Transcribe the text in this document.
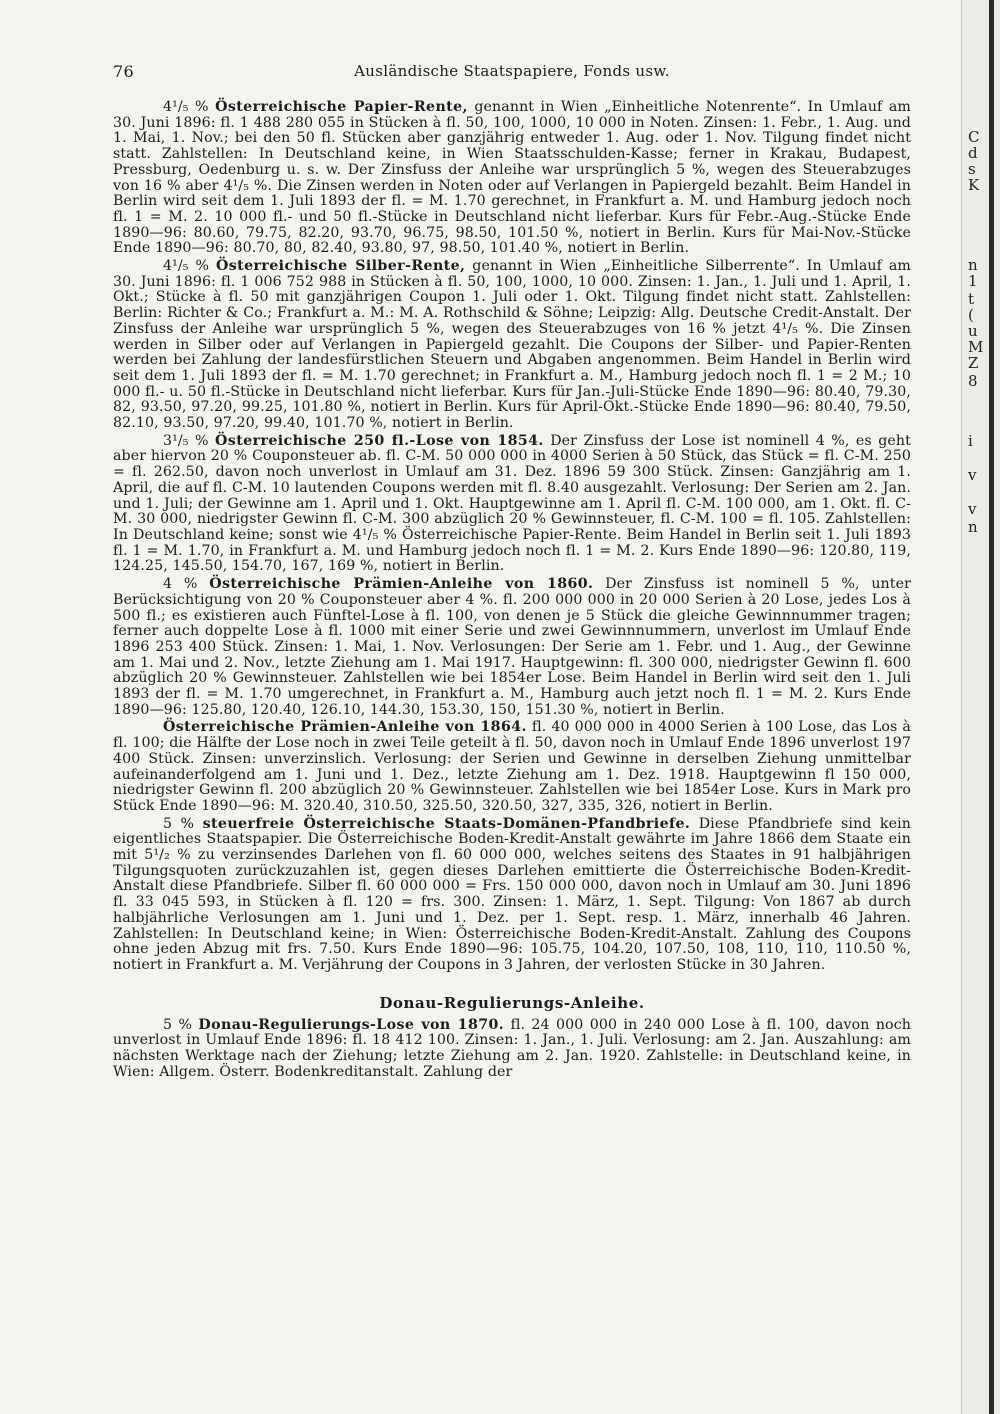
76	Ausländische Staatspapiere, Fonds usw.

4¹/₅ % Österreichische Papier-Rente, genannt in Wien „Einheitliche Notenrente“. In Umlauf am 30. Juni 1896: fl. 1 488 280 055 in Stücken à fl. 50, 100, 1000, 10 000 in Noten. Zinsen: 1. Febr., 1. Aug. und 1. Mai, 1. Nov.; bei den 50 fl. Stücken aber ganzjährig entweder 1. Aug. oder 1. Nov. Tilgung findet nicht statt. Zahlstellen: In Deutschland keine, in Wien Staatsschulden-Kasse; ferner in Krakau, Budapest, Pressburg, Oedenburg u. s. w. Der Zinsfuss der Anleihe war ursprünglich 5 %, wegen des Steuerabzuges von 16 % aber 4¹/₅ %. Die Zinsen werden in Noten oder auf Verlangen in Papiergeld bezahlt. Beim Handel in Berlin wird seit dem 1. Juli 1893 der fl. = M. 1.70 gerechnet, in Frankfurt a. M. und Hamburg jedoch noch fl. 1 = M. 2. 10 000 fl.- und 50 fl.-Stücke in Deutschland nicht lieferbar. Kurs für Febr.-Aug.-Stücke Ende 1890—96: 80.60, 79.75, 82.20, 93.70, 96.75, 98.50, 101.50 %, notiert in Berlin. Kurs für Mai-Nov.-Stücke Ende 1890—96: 80.70, 80, 82.40, 93.80, 97, 98.50, 101.40 %, notiert in Berlin.

4¹/₅ % Österreichische Silber-Rente, genannt in Wien „Einheitliche Silberrente“. In Umlauf am 30. Juni 1896: fl. 1 006 752 988 in Stücken à fl. 50, 100, 1000, 10 000. Zinsen: 1. Jan., 1. Juli und 1. April, 1. Okt.; Stücke à fl. 50 mit ganzjährigen Coupon 1. Juli oder 1. Okt. Tilgung findet nicht statt. Zahlstellen: Berlin: Richter & Co.; Frankfurt a. M.: M. A. Rothschild & Söhne; Leipzig: Allg. Deutsche Credit-Anstalt. Der Zinsfuss der Anleihe war ursprünglich 5 %, wegen des Steuerabzuges von 16 % jetzt 4¹/₅ %. Die Zinsen werden in Silber oder auf Verlangen in Papiergeld gezahlt. Die Coupons der Silber- und Papier-Renten werden bei Zahlung der landesfürstlichen Steuern und Abgaben angenommen. Beim Handel in Berlin wird seit dem 1. Juli 1893 der fl. = M. 1.70 gerechnet; in Frankfurt a. M., Hamburg jedoch noch fl. 1 = 2 M.; 10 000 fl.- u. 50 fl.-Stücke in Deutschland nicht lieferbar. Kurs für Jan.-Juli-Stücke Ende 1890—96: 80.40, 79.30, 82, 93.50, 97.20, 99.25, 101.80 %, notiert in Berlin. Kurs für April-Okt.-Stücke Ende 1890—96: 80.40, 79.50, 82.10, 93.50, 97.20, 99.40, 101.70 %, notiert in Berlin.

3¹/₅ % Österreichische 250 fl.-Lose von 1854. Der Zinsfuss der Lose ist nominell 4 %, es geht aber hiervon 20 % Couponsteuer ab. fl. C-M. 50 000 000 in 4000 Serien à 50 Stück, das Stück = fl. C-M. 250 = fl. 262.50, davon noch unverlost in Umlauf am 31. Dez. 1896 59 300 Stück. Zinsen: Ganzjährig am 1. April, die auf fl. C-M. 10 lautenden Coupons werden mit fl. 8.40 ausgezahlt. Verlosung: Der Serien am 2. Jan. und 1. Juli; der Gewinne am 1. April und 1. Okt. Hauptgewinne am 1. April fl. C-M. 100 000, am 1. Okt. fl. C-M. 30 000, niedrigster Gewinn fl. C-M. 300 abzüglich 20 % Gewinnsteuer, fl. C-M. 100 = fl. 105. Zahlstellen: In Deutschland keine; sonst wie 4¹/₅ % Österreichische Papier-Rente. Beim Handel in Berlin seit 1. Juli 1893 fl. 1 = M. 1.70, in Frankfurt a. M. und Hamburg jedoch noch fl. 1 = M. 2. Kurs Ende 1890—96: 120.80, 119, 124.25, 145.50, 154.70, 167, 169 %, notiert in Berlin.

4 % Österreichische Prämien-Anleihe von 1860. Der Zinsfuss ist nominell 5 %, unter Berücksichtigung von 20 % Couponsteuer aber 4 %. fl. 200 000 000 in 20 000 Serien à 20 Lose, jedes Los à 500 fl.; es existieren auch Fünftel-Lose à fl. 100, von denen je 5 Stück die gleiche Gewinnnummer tragen; ferner auch doppelte Lose à fl. 1000 mit einer Serie und zwei Gewinnnummern, unverlost im Umlauf Ende 1896 253 400 Stück. Zinsen: 1. Mai, 1. Nov. Verlosungen: Der Serie am 1. Febr. und 1. Aug., der Gewinne am 1. Mai und 2. Nov., letzte Ziehung am 1. Mai 1917. Hauptgewinn: fl. 300 000, niedrigster Gewinn fl. 600 abzüglich 20 % Gewinnsteuer. Zahlstellen wie bei 1854er Lose. Beim Handel in Berlin wird seit den 1. Juli 1893 der fl. = M. 1.70 umgerechnet, in Frankfurt a. M., Hamburg auch jetzt noch fl. 1 = M. 2. Kurs Ende 1890—96: 125.80, 120.40, 126.10, 144.30, 153.30, 150, 151.30 %, notiert in Berlin.

Österreichische Prämien-Anleihe von 1864. fl. 40 000 000 in 4000 Serien à 100 Lose, das Los à fl. 100; die Hälfte der Lose noch in zwei Teile geteilt à fl. 50, davon noch in Umlauf Ende 1896 unverlost 197 400 Stück. Zinsen: unverzinslich. Verlosung: der Serien und Gewinne in derselben Ziehung unmittelbar aufeinanderfolgend am 1. Juni und 1. Dez., letzte Ziehung am 1. Dez. 1918. Hauptgewinn fl 150 000, niedrigster Gewinn fl. 200 abzüglich 20 % Gewinnsteuer. Zahlstellen wie bei 1854er Lose. Kurs in Mark pro Stück Ende 1890—96: M. 320.40, 310.50, 325.50, 320.50, 327, 335, 326, notiert in Berlin.

5 % steuerfreie Österreichische Staats-Domänen-Pfandbriefe. Diese Pfandbriefe sind kein eigentliches Staatspapier. Die Österreichische Boden-Kredit-Anstalt gewährte im Jahre 1866 dem Staate ein mit 5¹/₂ % zu verzinsendes Darlehen von fl. 60 000 000, welches seitens des Staates in 91 halbjährigen Tilgungsquoten zurückzuzahlen ist, gegen dieses Darlehen emittierte die Österreichische Boden-Kredit-Anstalt diese Pfandbriefe. Silber fl. 60 000 000 = Frs. 150 000 000, davon noch in Umlauf am 30. Juni 1896 fl. 33 045 593, in Stücken à fl. 120 = frs. 300. Zinsen: 1. März, 1. Sept. Tilgung: Von 1867 ab durch halbjährliche Verlosungen am 1. Juni und 1. Dez. per 1. Sept. resp. 1. März, innerhalb 46 Jahren. Zahlstellen: In Deutschland keine; in Wien: Österreichische Boden-Kredit-Anstalt. Zahlung des Coupons ohne jeden Abzug mit frs. 7.50. Kurs Ende 1890—96: 105.75, 104.20, 107.50, 108, 110, 110, 110.50 %, notiert in Frankfurt a. M. Verjährung der Coupons in 3 Jahren, der verlosten Stücke in 30 Jahren.

Donau-Regulierungs-Anleihe.

5 % Donau-Regulierungs-Lose von 1870. fl. 24 000 000 in 240 000 Lose à fl. 100, davon noch unverlost in Umlauf Ende 1896: fl. 18 412 100. Zinsen: 1. Jan., 1. Juli. Verlosung: am 2. Jan. Auszahlung: am nächsten Werktage nach der Ziehung; letzte Ziehung am 2. Jan. 1920. Zahlstelle: in Deutschland keine, in Wien: Allgem. Österr. Bodenkreditanstalt. Zahlung der

C
d
s
K
n
1
t
(
u
M
Z
8
i
v
v
n
